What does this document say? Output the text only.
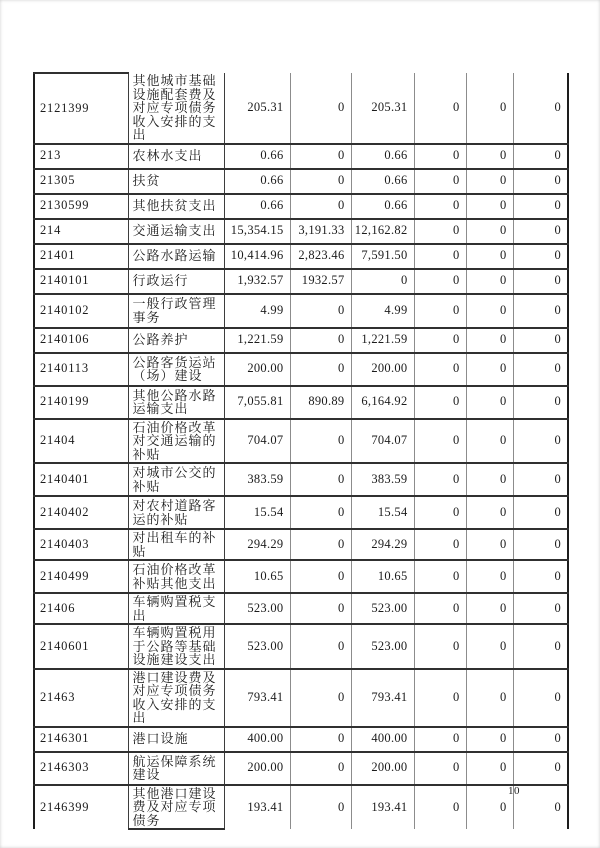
2121399	其他城市基础设施配套费及对应专项债务收入安排的支出	205.31	0	205.31	0	0	0
213	农林水支出	0.66	0	0.66	0	0	0
21305	扶贫	0.66	0	0.66	0	0	0
2130599	其他扶贫支出	0.66	0	0.66	0	0	0
214	交通运输支出	15,354.15	3,191.33	12,162.82	0	0	0
21401	公路水路运输	10,414.96	2,823.46	7,591.50	0	0	0
2140101	行政运行	1,932.57	1932.57	0	0	0	0
2140102	一般行政管理事务	4.99	0	4.99	0	0	0
2140106	公路养护	1,221.59	0	1,221.59	0	0	0
2140113	公路客货运站（场）建设	200.00	0	200.00	0	0	0
2140199	其他公路水路运输支出	7,055.81	890.89	6,164.92	0	0	0
21404	石油价格改革对交通运输的补贴	704.07	0	704.07	0	0	0
2140401	对城市公交的补贴	383.59	0	383.59	0	0	0
2140402	对农村道路客运的补贴	15.54	0	15.54	0	0	0
2140403	对出租车的补贴	294.29	0	294.29	0	0	0
2140499	石油价格改革补贴其他支出	10.65	0	10.65	0	0	0
21406	车辆购置税支出	523.00	0	523.00	0	0	0
2140601	车辆购置税用于公路等基础设施建设支出	523.00	0	523.00	0	0	0
21463	港口建设费及对应专项债务收入安排的支出	793.41	0	793.41	0	0	0
2146301	港口设施	400.00	0	400.00	0	0	0
2146303	航运保障系统建设	200.00	0	200.00	0	0	0
2146399	其他港口建设费及对应专项债务	193.41	0	193.41	0	0	0
10
